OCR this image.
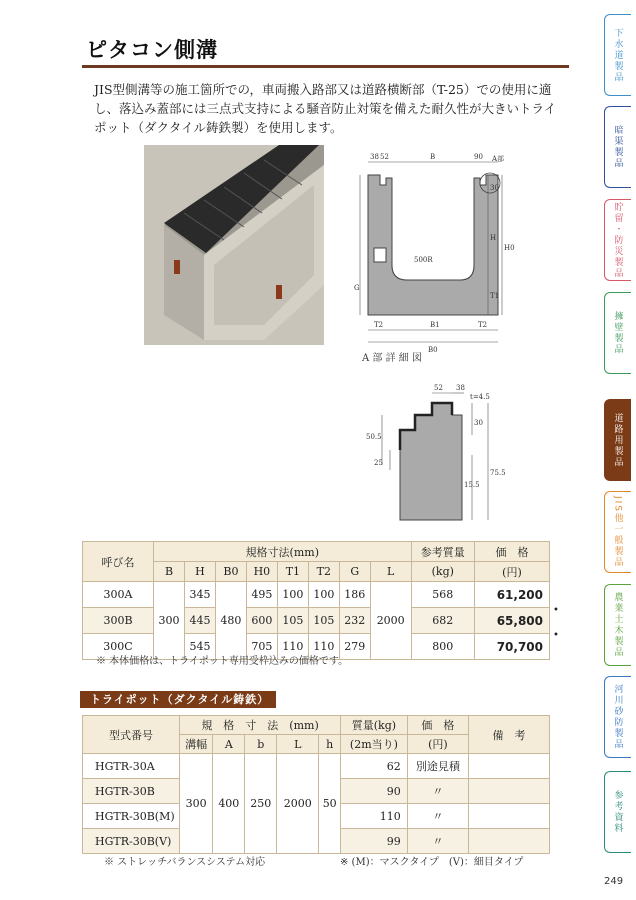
ピタコン側溝
JIS型側溝等の施工箇所での，車両搬入路部又は道路横断部（T-25）での使用に適し、落込み蓋部には三点式支持による騒音防止対策を備えた耐久性が大きいトライポット（ダクタイル鋳鉄製）を使用します。
38 52	B	90 A部
30
500R
G
H
H0
T1
T2	B1	T2
B0
A 部 詳 細 図
52 38
t=4.5
50.5
30
25
15.5
75.5
呼び名	規格寸法(mm)								参考質量	価　格
	B	H	B0	H0	T1	T2	G	L	(kg)	(円)
300A	300	345	480	495	100	100	186	2000	568	61,200
300B		445		600	105	105	232		682	65,800
300C		545		705	110	110	279		800	70,700
•
•
※ 本体価格は、トライポット専用受枠込みの価格です。
トライポット（ダクタイル鋳鉄）
型式番号	規　格　寸　法　(mm)					質量(kg)	価　格	備　考
	溝幅	A	b	L	h	(2m当り)	(円)	
HGTR-30A	300	400	250	2000	50	62	別途見積	
HGTR-30B						90	〃	
HGTR-30B(M)						110	〃	
HGTR-30B(V)						99	〃	
※ ストレッチバランスシステム対応	※ (M)：マスクタイプ　(V)：細目タイプ
249
下水道製品
暗渠製品
貯留・防災製品
擁壁製品
道路用製品
JIS他一般製品
農業土木製品
河川砂防製品
参考資料
